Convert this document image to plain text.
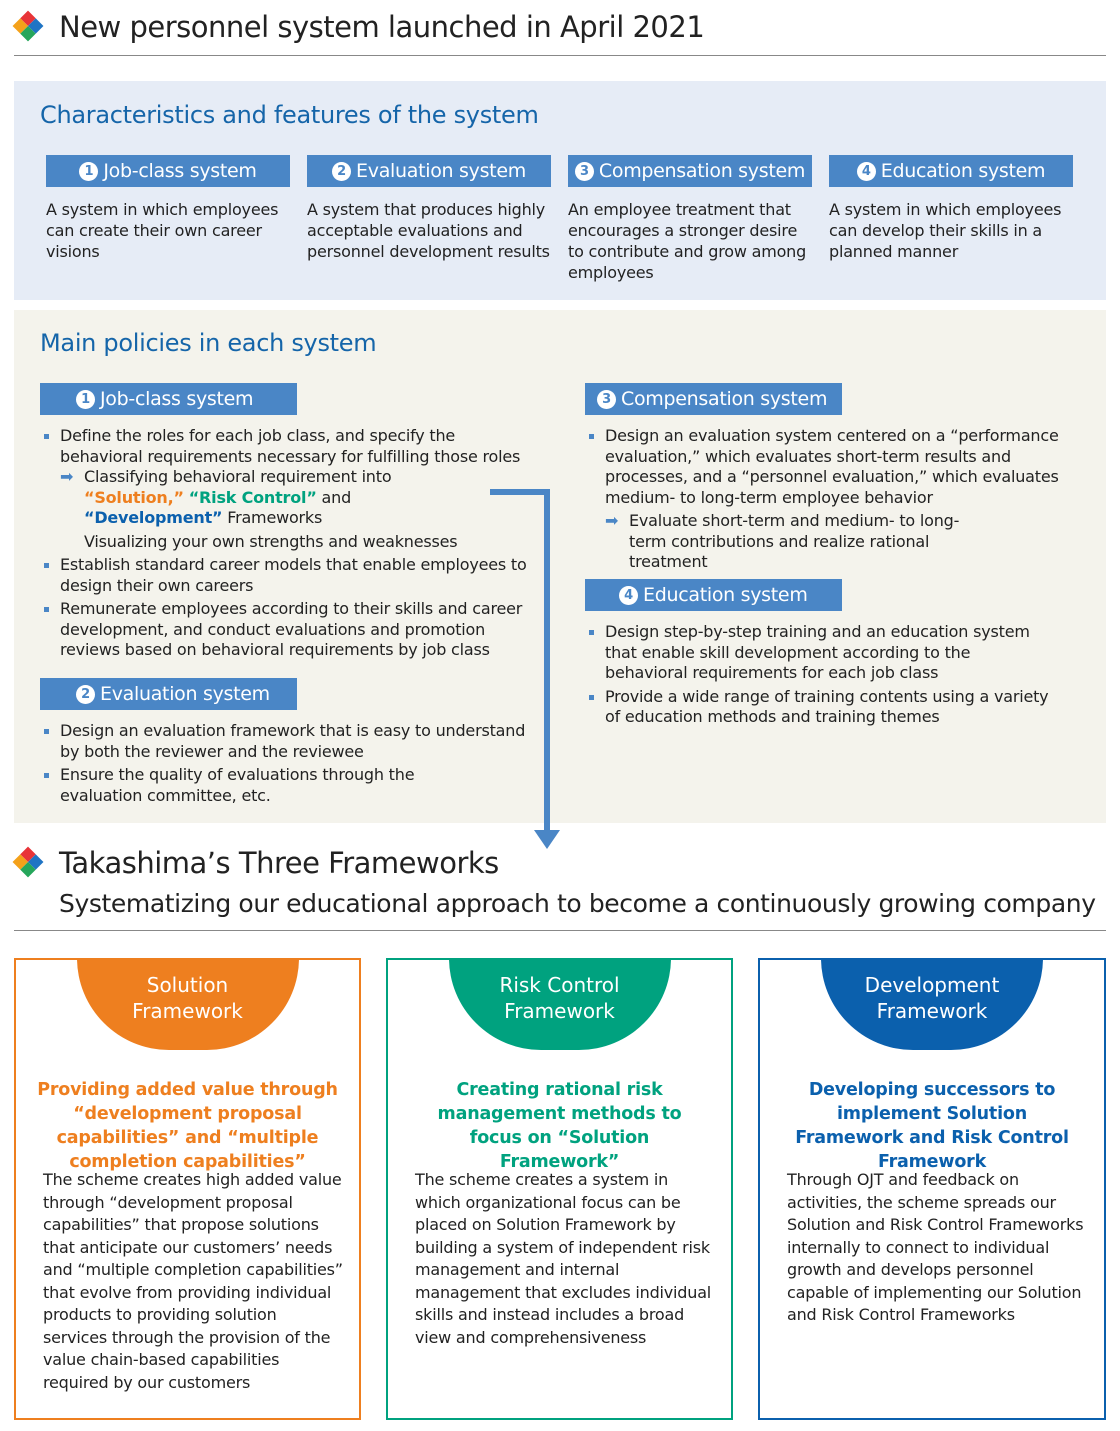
New personnel system launched in April 2021
Characteristics and features of the system
1 Job-class system	2 Evaluation system	3 Compensation system	4 Education system
A system in which employees can create their own career visions
A system that produces highly acceptable evaluations and personnel development results
An employee treatment that encourages a stronger desire to contribute and grow among employees
A system in which employees can develop their skills in a planned manner
Main policies in each system
1 Job-class system
Define the roles for each job class, and specify the behavioral requirements necessary for fulfilling those roles
➡ Classifying behavioral requirement into “Solution,” “Risk Control” and “Development” Frameworks
Visualizing your own strengths and weaknesses
Establish standard career models that enable employees to design their own careers
Remunerate employees according to their skills and career development, and conduct evaluations and promotion reviews based on behavioral requirements by job class
2 Evaluation system
Design an evaluation framework that is easy to understand by both the reviewer and the reviewee
Ensure the quality of evaluations through the evaluation committee, etc.
3 Compensation system
Design an evaluation system centered on a “performance evaluation,” which evaluates short-term results and processes, and a “personnel evaluation,” which evaluates medium- to long-term employee behavior
➡ Evaluate short-term and medium- to long-term contributions and realize rational treatment
4 Education system
Design step-by-step training and an education system that enable skill development according to the behavioral requirements for each job class
Provide a wide range of training contents using a variety of education methods and training themes
Takashima’s Three Frameworks
Systematizing our educational approach to become a continuously growing company
Solution
Framework
Providing added value through “development proposal capabilities” and “multiple completion capabilities”
The scheme creates high added value through “development proposal capabilities” that propose solutions that anticipate our customers’ needs and “multiple completion capabilities” that evolve from providing individual products to providing solution services through the provision of the value chain-based capabilities required by our customers
Risk Control
Framework
Creating rational risk management methods to focus on “Solution Framework”
The scheme creates a system in which organizational focus can be placed on Solution Framework by building a system of independent risk management and internal management that excludes individual skills and instead includes a broad view and comprehensiveness
Development
Framework
Developing successors to implement Solution Framework and Risk Control Framework
Through OJT and feedback on activities, the scheme spreads our Solution and Risk Control Frameworks internally to connect to individual growth and develops personnel capable of implementing our Solution and Risk Control Frameworks
